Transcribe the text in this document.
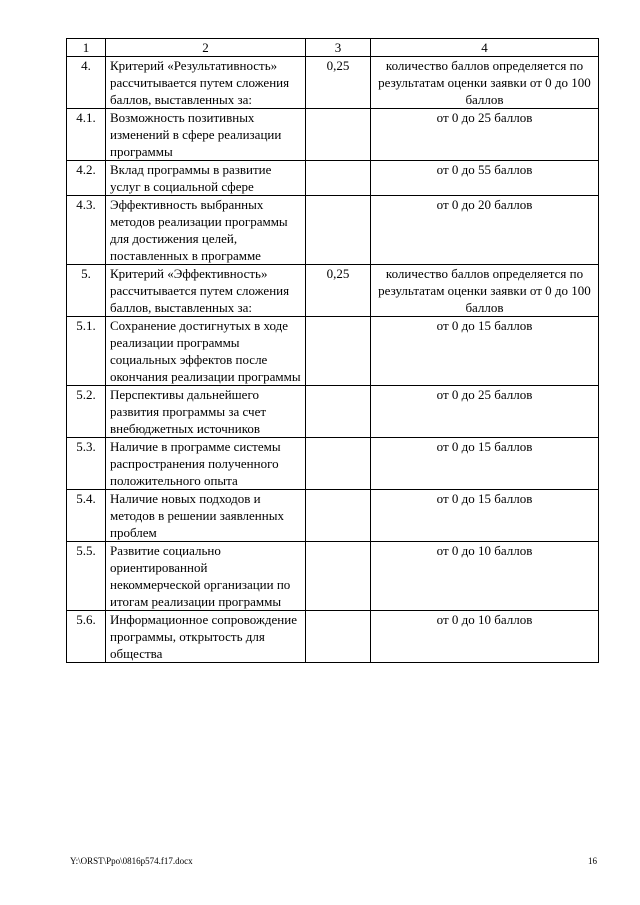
1	2	3	4
4.	Критерий «Результативность» рассчитывается путем сложения баллов, выставленных за:	0,25	количество баллов определяется по результатам оценки заявки от 0 до 100 баллов
4.1.	Возможность позитивных изменений в сфере реализации программы		от 0 до 25 баллов
4.2.	Вклад программы в развитие услуг в социальной сфере		от 0 до 55 баллов
4.3.	Эффективность выбранных методов реализации программы для достижения целей, поставленных в программе		от 0 до 20 баллов
5.	Критерий «Эффективность» рассчитывается путем сложения баллов, выставленных за:	0,25	количество баллов определяется по результатам оценки заявки от 0 до 100 баллов
5.1.	Сохранение достигнутых в ходе реализации программы социальных эффектов после окончания реализации программы		от 0 до 15 баллов
5.2.	Перспективы дальнейшего развития программы за счет внебюджетных источников		от 0 до 25 баллов
5.3.	Наличие в программе системы распространения полученного положительного опыта		от 0 до 15 баллов
5.4.	Наличие новых подходов и методов в решении заявленных проблем		от 0 до 15 баллов
5.5.	Развитие социально ориентированной некоммерческой организации по итогам реализации программы		от 0 до 10 баллов
5.6.	Информационное сопровождение программы, открытость для общества		от 0 до 10 баллов
Y:\ORST\Ppo\0816p574.f17.docx	16
